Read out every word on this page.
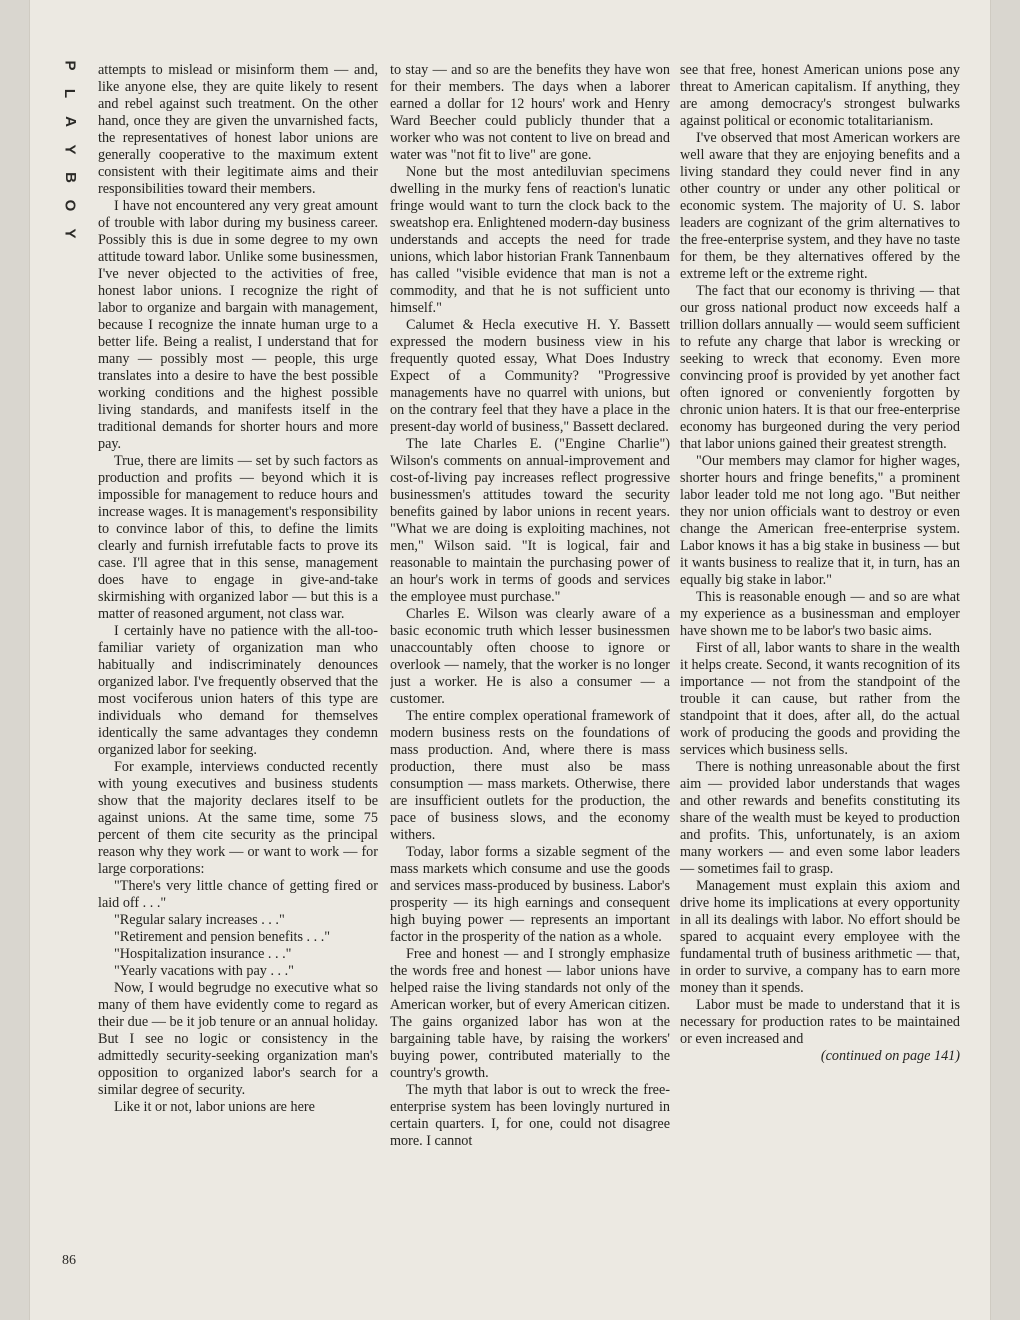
P
L
A
Y
B
O
Y
86

attempts to mislead or misinform them — and, like anyone else, they are quite likely to resent and rebel against such treatment. On the other hand, once they are given the unvarnished facts, the representatives of honest labor unions are generally cooperative to the maximum extent consistent with their legitimate aims and their responsibilities toward their members.

I have not encountered any very great amount of trouble with labor during my business career. Possibly this is due in some degree to my own attitude toward labor. Unlike some businessmen, I've never objected to the activities of free, honest labor unions. I recognize the right of labor to organize and bargain with management, because I recognize the innate human urge to a better life. Being a realist, I understand that for many — possibly most — people, this urge translates into a desire to have the best possible working conditions and the highest possible living standards, and manifests itself in the traditional demands for shorter hours and more pay.

True, there are limits — set by such factors as production and profits — beyond which it is impossible for management to reduce hours and increase wages. It is management's responsibility to convince labor of this, to define the limits clearly and furnish irrefutable facts to prove its case. I'll agree that in this sense, management does have to engage in give-and-take skirmishing with organized labor — but this is a matter of reasoned argument, not class war.

I certainly have no patience with the all-too-familiar variety of organization man who habitually and indiscriminately denounces organized labor. I've frequently observed that the most vociferous union haters of this type are individuals who demand for themselves identically the same advantages they condemn organized labor for seeking.

For example, interviews conducted recently with young executives and business students show that the majority declares itself to be against unions. At the same time, some 75 percent of them cite security as the principal reason why they work — or want to work — for large corporations:

"There's very little chance of getting fired or laid off . . ."

"Regular salary increases . . ."

"Retirement and pension benefits . . ."

"Hospitalization insurance . . ."

"Yearly vacations with pay . . ."

Now, I would begrudge no executive what so many of them have evidently come to regard as their due — be it job tenure or an annual holiday. But I see no logic or consistency in the admittedly security-seeking organization man's opposition to organized labor's search for a similar degree of security.

Like it or not, labor unions are here

to stay — and so are the benefits they have won for their members. The days when a laborer earned a dollar for 12 hours' work and Henry Ward Beecher could publicly thunder that a worker who was not content to live on bread and water was "not fit to live" are gone.

None but the most antediluvian specimens dwelling in the murky fens of reaction's lunatic fringe would want to turn the clock back to the sweatshop era. Enlightened modern-day business understands and accepts the need for trade unions, which labor historian Frank Tannenbaum has called "visible evidence that man is not a commodity, and that he is not sufficient unto himself."

Calumet & Hecla executive H. Y. Bassett expressed the modern business view in his frequently quoted essay, What Does Industry Expect of a Community? "Progressive managements have no quarrel with unions, but on the contrary feel that they have a place in the present-day world of business," Bassett declared.

The late Charles E. ("Engine Charlie") Wilson's comments on annual-improvement and cost-of-living pay increases reflect progressive businessmen's attitudes toward the security benefits gained by labor unions in recent years. "What we are doing is exploiting machines, not men," Wilson said. "It is logical, fair and reasonable to maintain the purchasing power of an hour's work in terms of goods and services the employee must purchase."

Charles E. Wilson was clearly aware of a basic economic truth which lesser businessmen unaccountably often choose to ignore or overlook — namely, that the worker is no longer just a worker. He is also a consumer — a customer.

The entire complex operational framework of modern business rests on the foundations of mass production. And, where there is mass production, there must also be mass consumption — mass markets. Otherwise, there are insufficient outlets for the production, the pace of business slows, and the economy withers.

Today, labor forms a sizable segment of the mass markets which consume and use the goods and services mass-produced by business. Labor's prosperity — its high earnings and consequent high buying power — represents an important factor in the prosperity of the nation as a whole.

Free and honest — and I strongly emphasize the words free and honest — labor unions have helped raise the living standards not only of the American worker, but of every American citizen. The gains organized labor has won at the bargaining table have, by raising the workers' buying power, contributed materially to the country's growth.

The myth that labor is out to wreck the free-enterprise system has been lovingly nurtured in certain quarters. I, for one, could not disagree more. I cannot

see that free, honest American unions pose any threat to American capitalism. If anything, they are among democracy's strongest bulwarks against political or economic totalitarianism.

I've observed that most American workers are well aware that they are enjoying benefits and a living standard they could never find in any other country or under any other political or economic system. The majority of U. S. labor leaders are cognizant of the grim alternatives to the free-enterprise system, and they have no taste for them, be they alternatives offered by the extreme left or the extreme right.

The fact that our economy is thriving — that our gross national product now exceeds half a trillion dollars annually — would seem sufficient to refute any charge that labor is wrecking or seeking to wreck that economy. Even more convincing proof is provided by yet another fact often ignored or conveniently forgotten by chronic union haters. It is that our free-enterprise economy has burgeoned during the very period that labor unions gained their greatest strength.

"Our members may clamor for higher wages, shorter hours and fringe benefits," a prominent labor leader told me not long ago. "But neither they nor union officials want to destroy or even change the American free-enterprise system. Labor knows it has a big stake in business — but it wants business to realize that it, in turn, has an equally big stake in labor."

This is reasonable enough — and so are what my experience as a businessman and employer have shown me to be labor's two basic aims.

First of all, labor wants to share in the wealth it helps create. Second, it wants recognition of its importance — not from the standpoint of the trouble it can cause, but rather from the standpoint that it does, after all, do the actual work of producing the goods and providing the services which business sells.

There is nothing unreasonable about the first aim — provided labor understands that wages and other rewards and benefits constituting its share of the wealth must be keyed to production and profits. This, unfortunately, is an axiom many workers — and even some labor leaders — sometimes fail to grasp.

Management must explain this axiom and drive home its implications at every opportunity in all its dealings with labor. No effort should be spared to acquaint every employee with the fundamental truth of business arithmetic — that, in order to survive, a company has to earn more money than it spends.

Labor must be made to understand that it is necessary for production rates to be maintained or even increased and

(continued on page 141)
